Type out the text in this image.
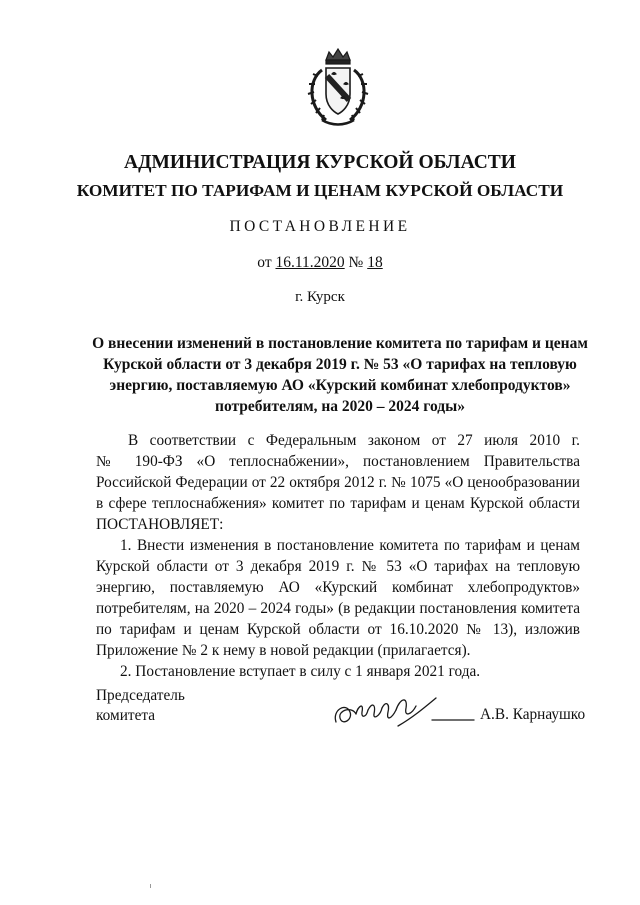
АДМИНИСТРАЦИЯ КУРСКОЙ ОБЛАСТИ
КОМИТЕТ ПО ТАРИФАМ И ЦЕНАМ КУРСКОЙ ОБЛАСТИ
ПОСТАНОВЛЕНИЕ
от 16.11.2020 № 18
г. Курск
О внесении изменений в постановление комитета по тарифам и ценам
Курской области от 3 декабря 2019 г. № 53 «О тарифах на тепловую
энергию, поставляемую АО «Курский комбинат хлебопродуктов»
потребителям, на 2020 – 2024 годы»
В соответствии с Федеральным законом от 27 июля 2010 г.
№ 190-ФЗ «О теплоснабжении», постановлением Правительства
Российской Федерации от 22 октября 2012 г. № 1075 «О ценообразовании
в сфере теплоснабжения» комитет по тарифам и ценам Курской области
ПОСТАНОВЛЯЕТ:
1. Внести изменения в постановление комитета по тарифам и ценам
Курской области от 3 декабря 2019 г. № 53 «О тарифах на тепловую
энергию, поставляемую АО «Курский комбинат хлебопродуктов»
потребителям, на 2020 – 2024 годы» (в редакции постановления комитета
по тарифам и ценам Курской области от 16.10.2020 № 13), изложив
Приложение № 2 к нему в новой редакции (прилагается).
2. Постановление вступает в силу с 1 января 2021 года.
Председатель
комитета	А.В. Карнаушко
